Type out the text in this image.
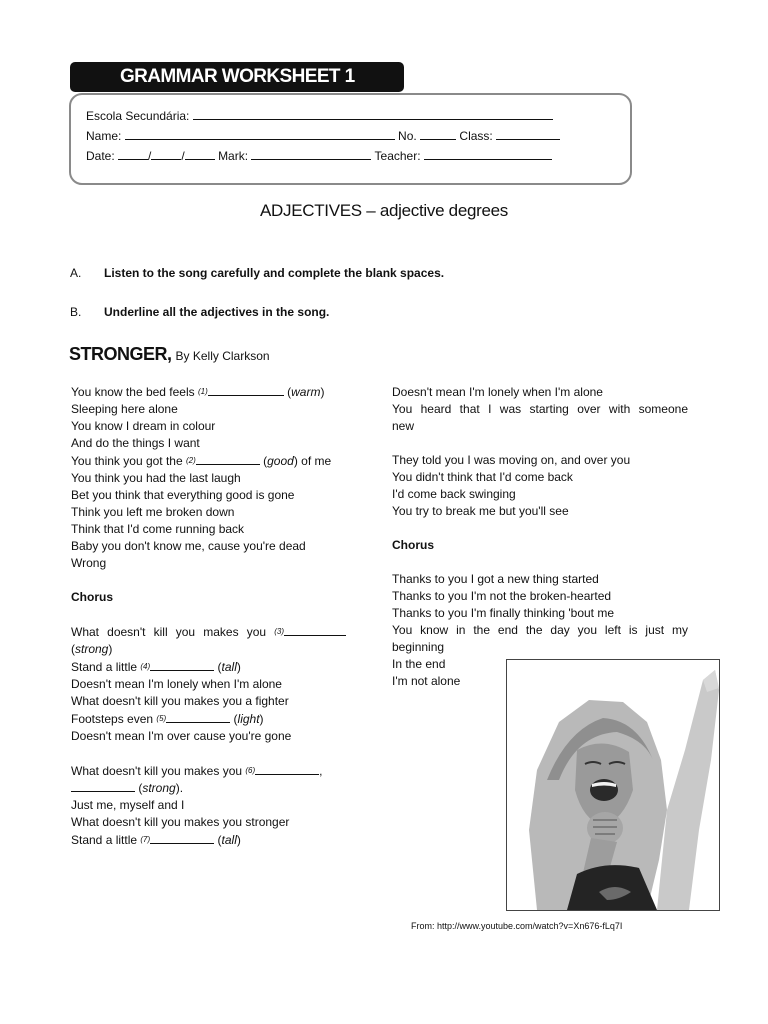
GRAMMAR WORKSHEET 1
Escola Secundária:
Name:	No.	Class:
Date:	/	/	Mark:	Teacher:
ADJECTIVES – adjective degrees
A. Listen to the song carefully and complete the blank spaces.
B. Underline all the adjectives in the song.
STRONGER, By Kelly Clarkson
You know the bed feels (1)	(warm)
Sleeping here alone
You know I dream in colour
And do the things I want
You think you got the (2)	(good) of me
You think you had the last laugh
Bet you think that everything good is gone
Think you left me broken down
Think that I'd come running back
Baby you don't know me, cause you're dead
Wrong
Chorus
What doesn't kill you makes you (3)
(strong)
Stand a little (4)	(tall)
Doesn't mean I'm lonely when I'm alone
What doesn't kill you makes you a fighter
Footsteps even (5)	(light)
Doesn't mean I'm over cause you're gone
What doesn't kill you makes you (6)	,
(strong).
Just me, myself and I
What doesn't kill you makes you stronger
Stand a little (7)	(tall)
Doesn't mean I'm lonely when I'm alone
You heard that I was starting over with someone
new
They told you I was moving on, and over you
You didn't think that I'd come back
I'd come back swinging
You try to break me but you'll see
Chorus
Thanks to you I got a new thing started
Thanks to you I'm not the broken-hearted
Thanks to you I'm finally thinking 'bout me
You know in the end the day you left is just my
beginning
In the end
I'm not alone
From: http://www.youtube.com/watch?v=Xn676-fLq7I
